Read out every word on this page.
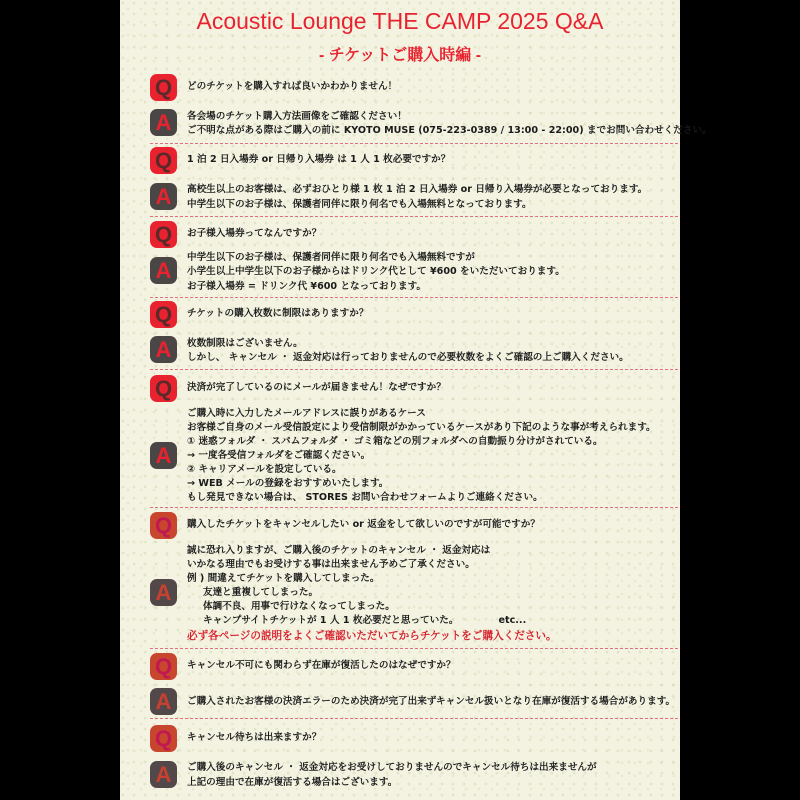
Acoustic Lounge THE CAMP 2025 Q&A
- チケットご購入時編 -
Q	どのチケットを購入すれば良いかわかりません！
A	各会場のチケット購入方法画像をご確認ください！
ご不明な点がある際はご購入の前に KYOTO MUSE (075-223-0389 / 13:00 - 22:00) までお問い合わせください。
Q	1 泊 2 日入場券 or 日帰り入場券 は 1 人 1 枚必要ですか？
A	高校生以上のお客様は、必ずおひとり様 1 枚 1 泊 2 日入場券 or 日帰り入場券が必要となっております。
中学生以下のお子様は、保護者同伴に限り何名でも入場無料となっております。
Q	お子様入場券ってなんですか？
A
中学生以下のお子様は、保護者同伴に限り何名でも入場無料ですが
小学生以上中学生以下のお子様からはドリンク代として ¥600 をいただいております。
お子様入場券 = ドリンク代 ¥600 となっております。
Q	チケットの購入枚数に制限はありますか？
A	枚数制限はございません。
しかし、 キャンセル ・ 返金対応は行っておりませんので必要枚数をよくご確認の上ご購入ください。
Q	決済が完了しているのにメールが届きません！なぜですか？
A
ご購入時に入力したメールアドレスに誤りがあるケース
お客様ご自身のメール受信設定により受信制限がかかっているケースがあり下記のような事が考えられます。
① 迷惑フォルダ ・ スパムフォルダ ・ ゴミ箱などの別フォルダへの自動振り分けがされている。
→ 一度各受信フォルダをご確認ください。
② キャリアメールを設定している。
→ WEB メールの登録をおすすめいたします。
もし発見できない場合は、 STORES お問い合わせフォームよりご連絡ください。
Q	購入したチケットをキャンセルしたい or 返金をして欲しいのですが可能ですか？
A
誠に恐れ入りますが、ご購入後のチケットのキャンセル ・ 返金対応は
いかなる理由でもお受けする事は出来ません予めご了承ください。
例 ) 間違えてチケットを購入してしまった。
友達と重複してしまった。
体調不良、用事で行けなくなってしまった。
キャンプサイトチケットが 1 人 1 枚必要だと思っていた。            etc...
必ず各ページの説明をよくご確認いただいてからチケットをご購入ください。
Q	キャンセル不可にも関わらず在庫が復活したのはなぜですか？
A	ご購入されたお客様の決済エラーのため決済が完了出来ずキャンセル扱いとなり在庫が復活する場合があります。
Q	キャンセル待ちは出来ますか？
A	ご購入後のキャンセル ・ 返金対応をお受けしておりませんのでキャンセル待ちは出来ませんが
上記の理由で在庫が復活する場合はございます。
